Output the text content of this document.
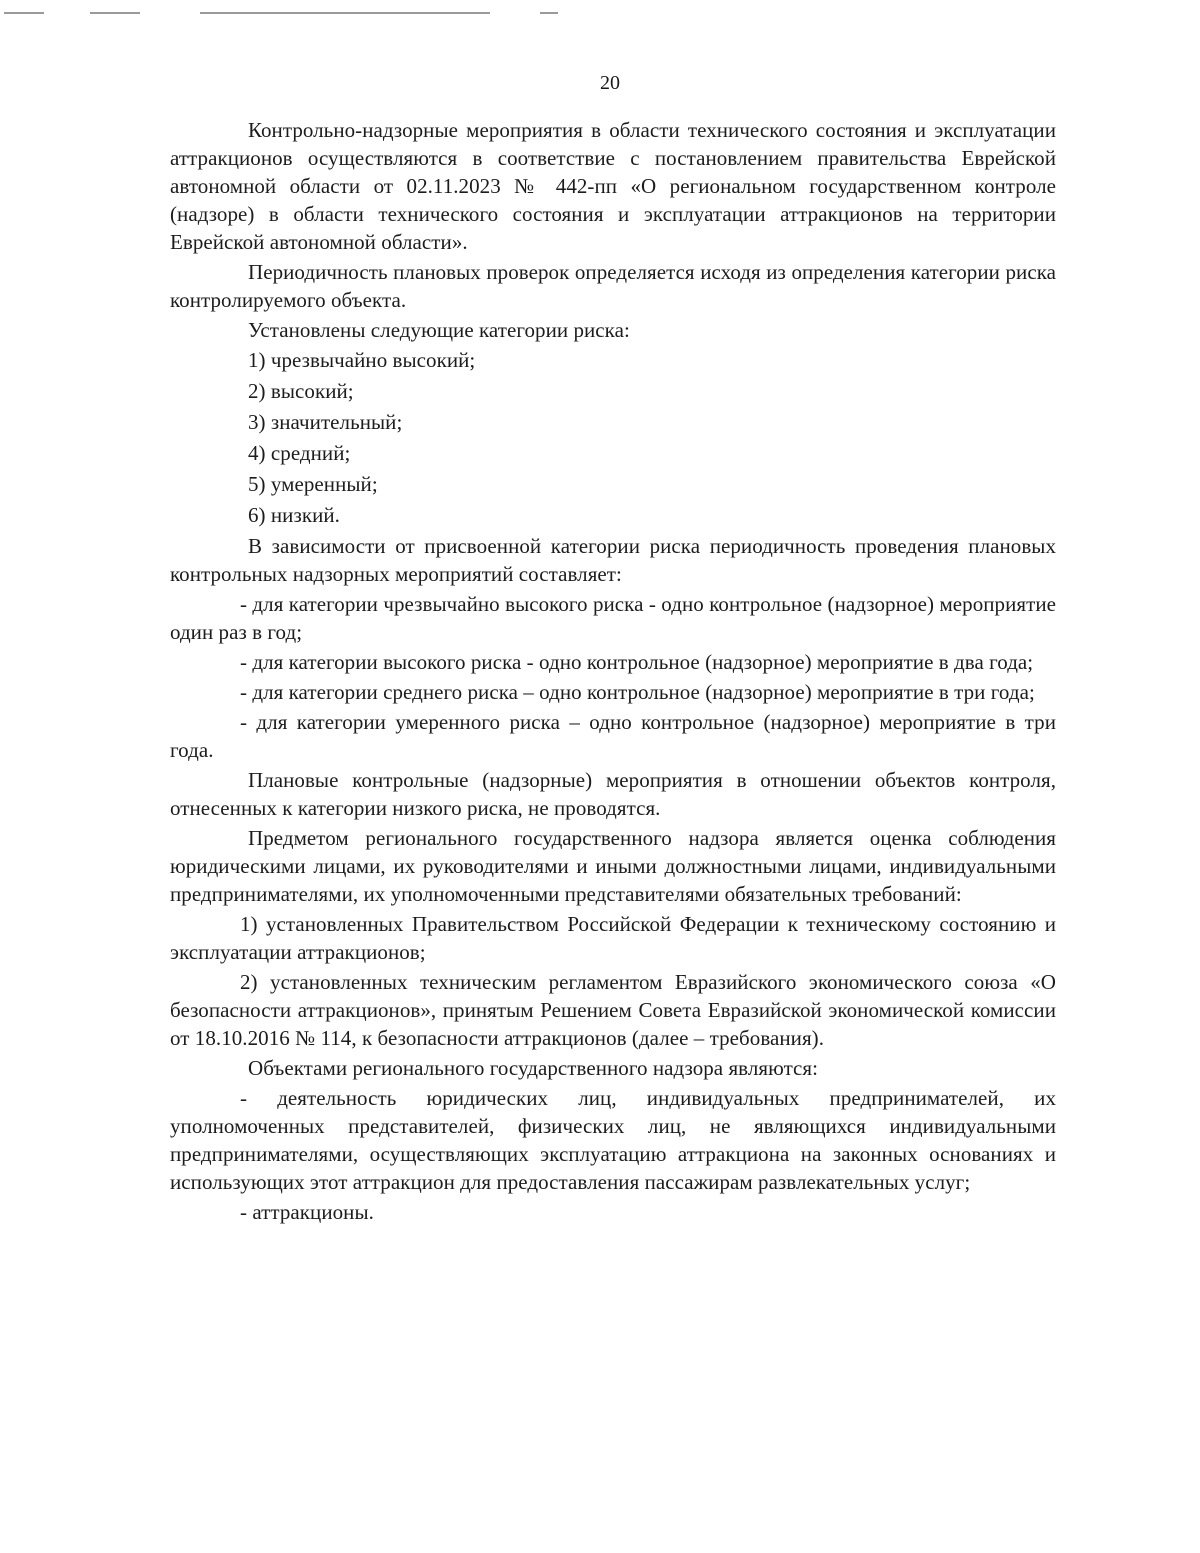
20

Контрольно-надзорные мероприятия в области технического состояния и эксплуатации аттракционов осуществляются в соответствие с постановлением правительства Еврейской автономной области от 02.11.2023 № 442-пп «О региональном государственном контроле (надзоре) в области технического состояния и эксплуатации аттракционов на территории Еврейской автономной области».

Периодичность плановых проверок определяется исходя из определения категории риска контролируемого объекта.

Установлены следующие категории риска:

1) чрезвычайно высокий;

2) высокий;

3) значительный;

4) средний;

5) умеренный;

6) низкий.

В зависимости от присвоенной категории риска периодичность проведения плановых контрольных надзорных мероприятий составляет:

- для категории чрезвычайно высокого риска - одно контрольное (надзорное) мероприятие один раз в год;

- для категории высокого риска - одно контрольное (надзорное) мероприятие в два года;

- для категории среднего риска – одно контрольное (надзорное) мероприятие в три года;

- для категории умеренного риска – одно контрольное (надзорное) мероприятие в три года.

Плановые контрольные (надзорные) мероприятия в отношении объектов контроля, отнесенных к категории низкого риска, не проводятся.

Предметом регионального государственного надзора является оценка соблюдения юридическими лицами, их руководителями и иными должностными лицами, индивидуальными предпринимателями, их уполномоченными представителями обязательных требований:

1) установленных Правительством Российской Федерации к техническому состоянию и эксплуатации аттракционов;

2) установленных техническим регламентом Евразийского экономического союза «О безопасности аттракционов», принятым Решением Совета Евразийской экономической комиссии от 18.10.2016 № 114, к безопасности аттракционов (далее – требования).

Объектами регионального государственного надзора являются:

- деятельность юридических лиц, индивидуальных предпринимателей, их уполномоченных представителей, физических лиц, не являющихся индивидуальными предпринимателями, осуществляющих эксплуатацию аттракциона на законных основаниях и использующих этот аттракцион для предоставления пассажирам развлекательных услуг;

- аттракционы.
